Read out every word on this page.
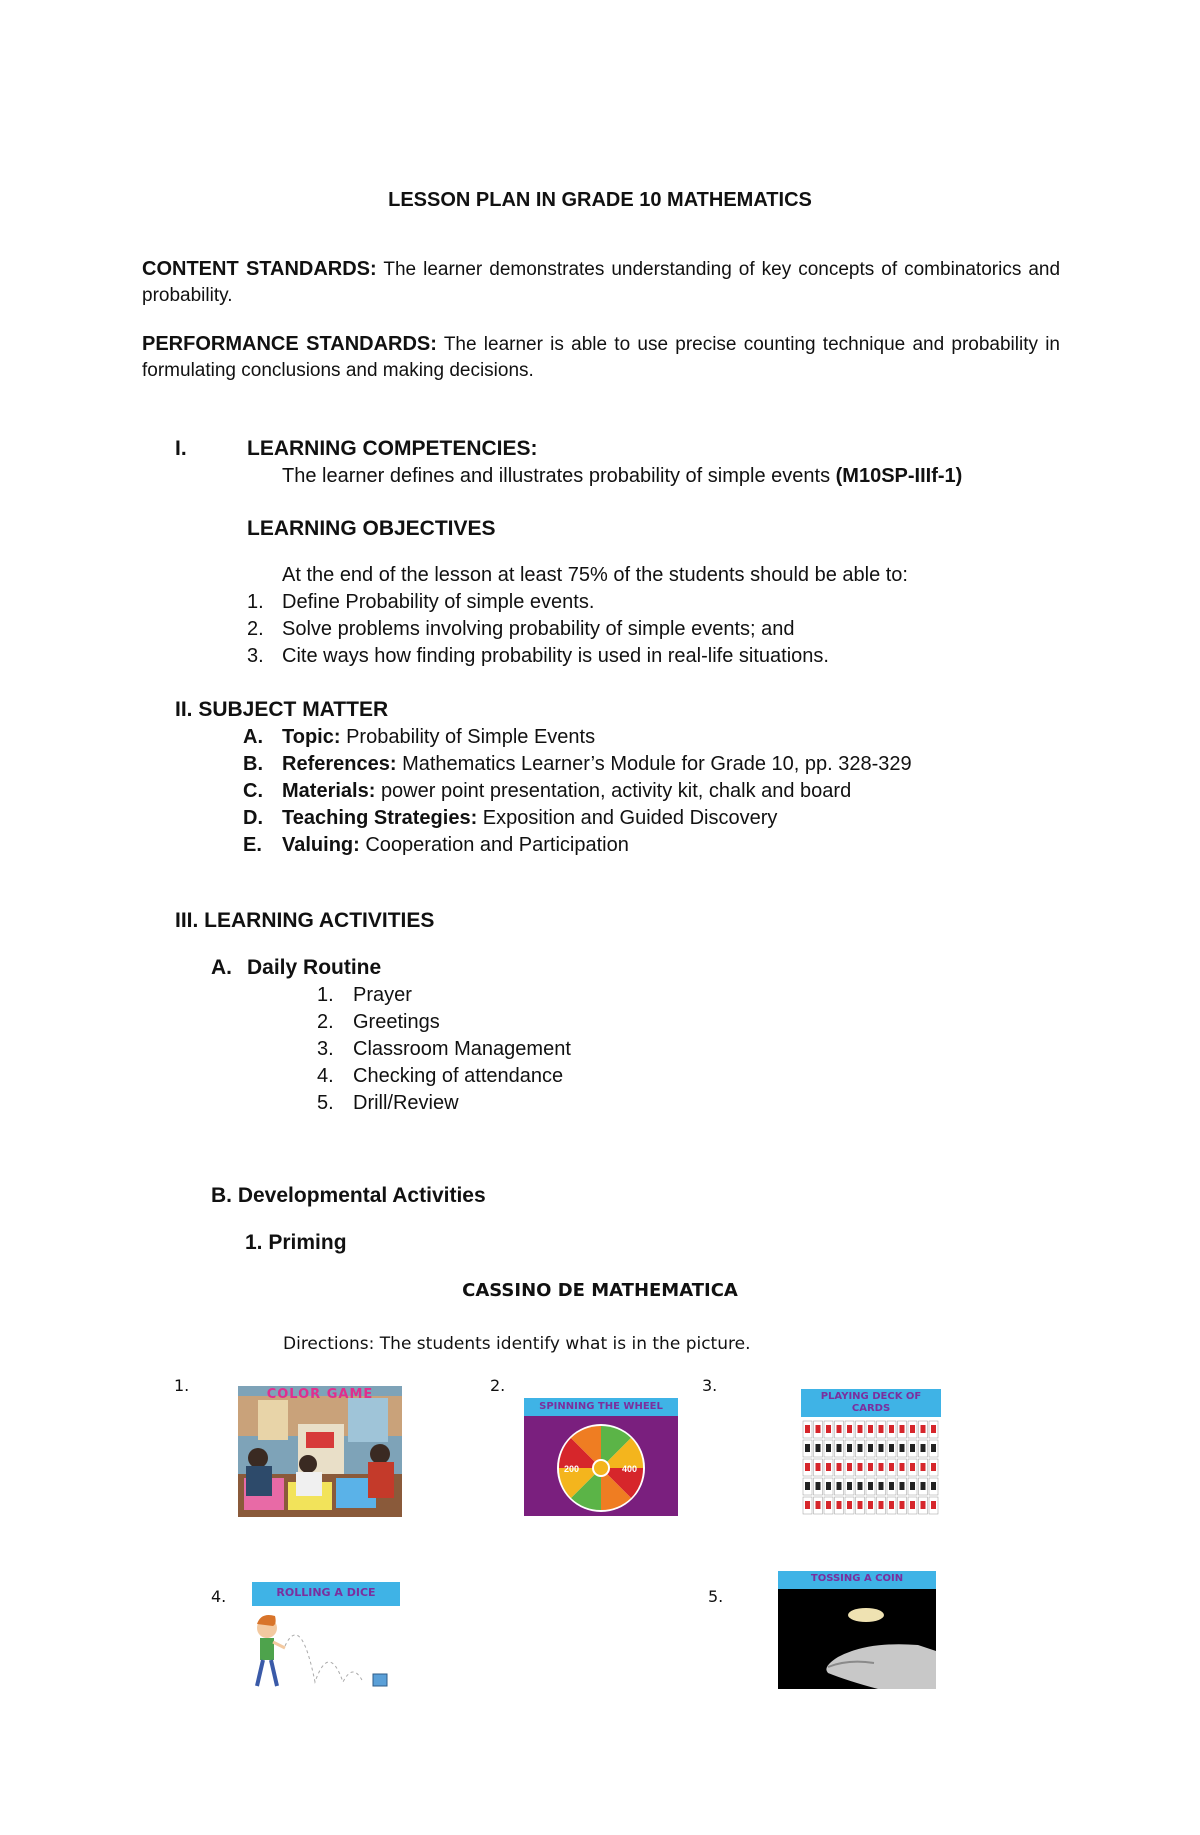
LESSON PLAN IN GRADE 10 MATHEMATICS
CONTENT STANDARDS: The learner demonstrates understanding of key concepts of combinatorics and probability.
PERFORMANCE STANDARDS: The learner is able to use precise counting technique and probability in formulating conclusions and making decisions.
I.	LEARNING COMPETENCIES:
The learner defines and illustrates probability of simple events (M10SP-IIIf-1)
LEARNING OBJECTIVES
At the end of the lesson at least 75% of the students should be able to:
1. Define Probability of simple events.
2. Solve problems involving probability of simple events; and
3. Cite ways how finding probability is used in real-life situations.
II. SUBJECT MATTER
A. Topic: Probability of Simple Events
B. References: Mathematics Learner’s Module for Grade 10, pp. 328-329
C. Materials: power point presentation, activity kit, chalk and board
D. Teaching Strategies: Exposition and Guided Discovery
E. Valuing: Cooperation and Participation
III. LEARNING ACTIVITIES
A. Daily Routine
1. Prayer
2. Greetings
3. Classroom Management
4. Checking of attendance
5. Drill/Review
B. Developmental Activities
1. Priming
CASSINO DE MATHEMATICA
Directions: The students identify what is in the picture.
1.	2.	3.
4.	5.
COLOR GAME
SPINNING THE WHEEL
400
200
PLAYING DECK OF CARDS
ROLLING A DICE
TOSSING A COIN
